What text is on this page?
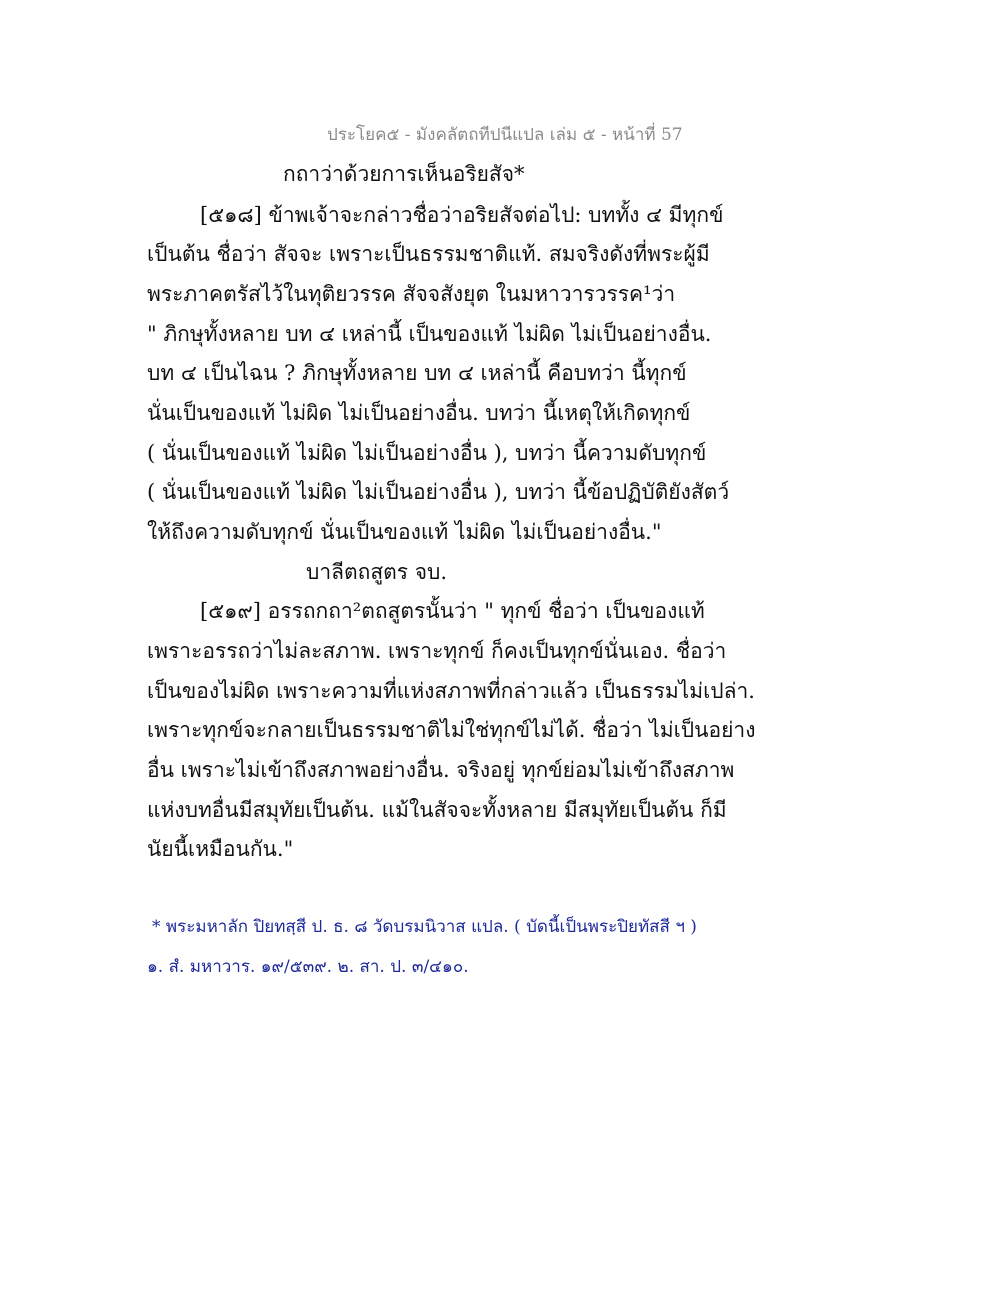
ประโยค๕ - มังคลัตถทีปนีแปล เล่ม ๕ - หน้าที่ 57
กถาว่าด้วยการเห็นอริยสัจ*
[๕๑๘] ข้าพเจ้าจะกล่าวชื่อว่าอริยสัจต่อไป: บททั้ง ๔ มีทุกข์
เป็นต้น ชื่อว่า สัจจะ เพราะเป็นธรรมชาติแท้. สมจริงดังที่พระผู้มี
พระภาคตรัสไว้ในทุติยวรรค สัจจสังยุต ในมหาวารวรรค¹ว่า
" ภิกษุทั้งหลาย บท ๔ เหล่านี้ เป็นของแท้ ไม่ผิด ไม่เป็นอย่างอื่น.
บท ๔ เป็นไฉน ? ภิกษุทั้งหลาย บท ๔ เหล่านี้ คือบทว่า นี้ทุกข์
นั่นเป็นของแท้ ไม่ผิด ไม่เป็นอย่างอื่น. บทว่า นี้เหตุให้เกิดทุกข์
( นั่นเป็นของแท้ ไม่ผิด ไม่เป็นอย่างอื่น ), บทว่า นี้ความดับทุกข์
( นั่นเป็นของแท้ ไม่ผิด ไม่เป็นอย่างอื่น ), บทว่า นี้ข้อปฏิบัติยังสัตว์
ให้ถึงความดับทุกข์ นั่นเป็นของแท้ ไม่ผิด ไม่เป็นอย่างอื่น."
บาลีตถสูตร จบ.
[๕๑๙] อรรถกถา²ตถสูตรนั้นว่า " ทุกข์ ชื่อว่า เป็นของแท้
เพราะอรรถว่าไม่ละสภาพ. เพราะทุกข์ ก็คงเป็นทุกข์นั่นเอง. ชื่อว่า
เป็นของไม่ผิด เพราะความที่แห่งสภาพที่กล่าวแล้ว เป็นธรรมไม่เปล่า.
เพราะทุกข์จะกลายเป็นธรรมชาติไม่ใช่ทุกข์ไม่ได้. ชื่อว่า ไม่เป็นอย่าง
อื่น เพราะไม่เข้าถึงสภาพอย่างอื่น. จริงอยู่ ทุกข์ย่อมไม่เข้าถึงสภาพ
แห่งบทอื่นมีสมุทัยเป็นต้น. แม้ในสัจจะทั้งหลาย มีสมุทัยเป็นต้น ก็มี
นัยนี้เหมือนกัน."
* พระมหาลัก ปิยทสฺสี ป. ธ. ๘ วัดบรมนิวาส แปล. ( บัดนี้เป็นพระปิยทัสสี ฯ )
๑. สํ. มหาวาร. ๑๙/๕๓๙. ๒. สา. ป. ๓/๔๑๐.
